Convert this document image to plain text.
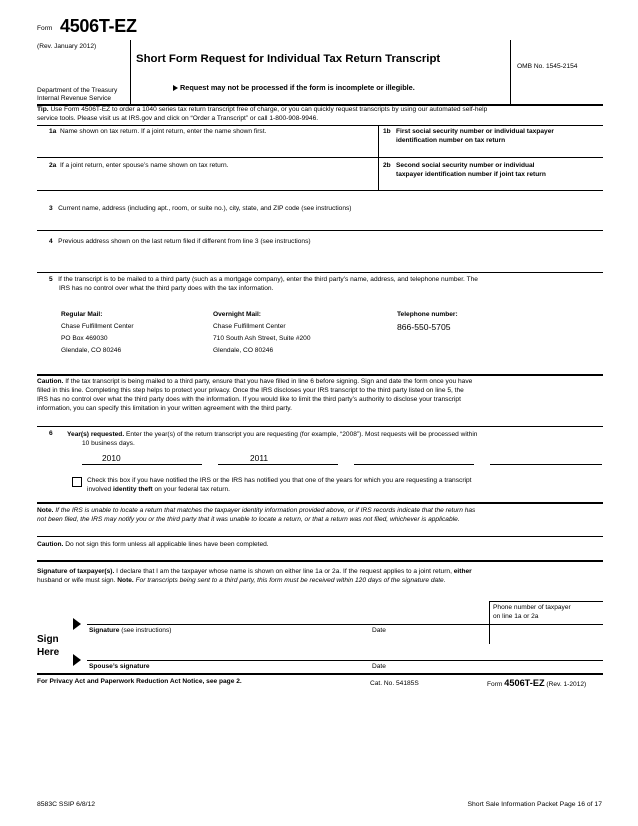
Form 4506T-EZ
(Rev. January 2012)
Department of the Treasury
Internal Revenue Service
Short Form Request for Individual Tax Return Transcript
Request may not be processed if the form is incomplete or illegible.
OMB No. 1545-2154
Tip. Use Form 4506T-EZ to order a 1040 series tax return transcript free of charge, or you can quickly request transcripts by using our automated self-help
service tools. Please visit us at IRS.gov and click on “Order a Transcript” or call 1-800-908-9946.
1a Name shown on tax return. If a joint return, enter the name shown first.	1b First social security number or individual taxpayer
identification number on tax return
2a If a joint return, enter spouse’s name shown on tax return.	2b Second social security number or individual
taxpayer identification number if joint tax return
3 Current name, address (including apt., room, or suite no.), city, state, and ZIP code (see instructions)
4 Previous address shown on the last return filed if different from line 3 (see instructions)
5 If the transcript is to be mailed to a third party (such as a mortgage company), enter the third party’s name, address, and telephone number. The
IRS has no control over what the third party does with the tax information.
Regular Mail:
Chase Fulfillment Center
PO Box 469030
Glendale, CO 80246
Overnight Mail:
Chase Fulfillment Center
710 South Ash Street, Suite #200
Glendale, CO 80246
Telephone number:
866-550-5705
Caution. If the tax transcript is being mailed to a third party, ensure that you have filled in line 6 before signing. Sign and date the form once you have
filled in this line. Completing this step helps to protect your privacy. Once the IRS discloses your IRS transcript to the third party listed on line 5, the
IRS has no control over what the third party does with the information. If you would like to limit the third party’s authority to disclose your transcript
information, you can specify this limitation in your written agreement with the third party.
6 Year(s) requested. Enter the year(s) of the return transcript you are requesting (for example, “2008”). Most requests will be processed within
10 business days.
2010	2011
Check this box if you have notified the IRS or the IRS has notified you that one of the years for which you are requesting a transcript
involved identity theft on your federal tax return.
Note. If the IRS is unable to locate a return that matches the taxpayer identity information provided above, or if IRS records indicate that the return has
not been filed, the IRS may notify you or the third party that it was unable to locate a return, or that a return was not filed, whichever is applicable.
Caution. Do not sign this form unless all applicable lines have been completed.
Signature of taxpayer(s). I declare that I am the taxpayer whose name is shown on either line 1a or 2a. If the request applies to a joint return, either
husband or wife must sign. Note. For transcripts being sent to a third party, this form must be received within 120 days of the signature date.
Phone number of taxpayer
on line 1a or 2a
Sign
Here
Signature (see instructions)	Date
Spouse’s signature	Date
For Privacy Act and Paperwork Reduction Act Notice, see page 2.	Cat. No. 54185S	Form 4506T-EZ (Rev. 1-2012)
8583C SSIP 6/8/12	Short Sale Information Packet Page 16 of 17
